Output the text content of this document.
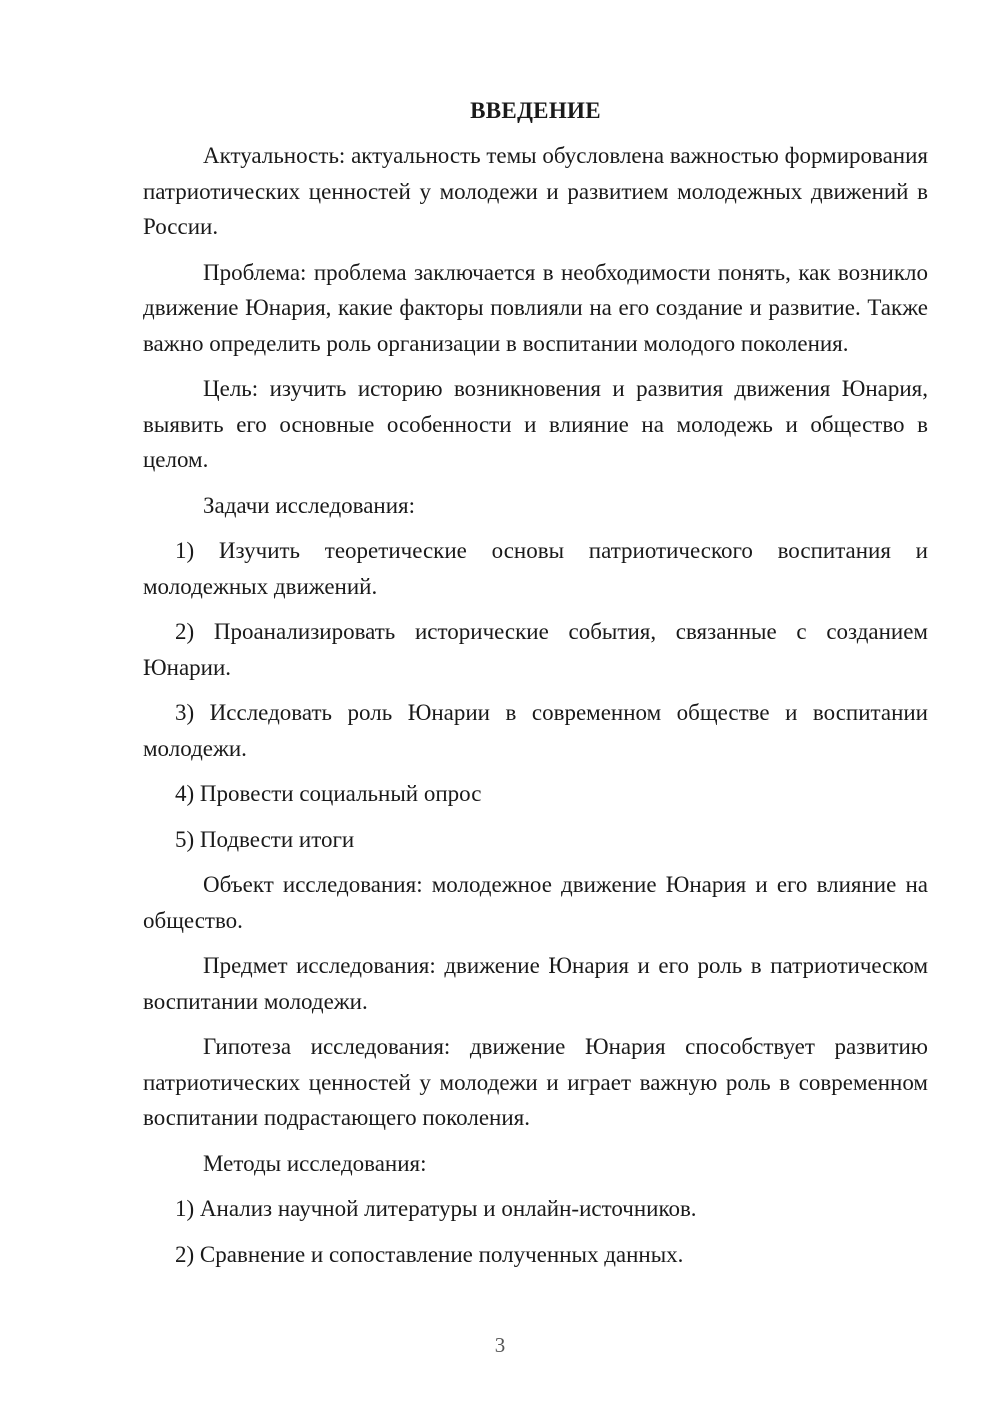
ВВЕДЕНИЕ

Актуальность: актуальность темы обусловлена важностью формирования патриотических ценностей у молодежи и развитием молодежных движений в России.

Проблема: проблема заключается в необходимости понять, как возникло движение Юнария, какие факторы повлияли на его создание и развитие. Также важно определить роль организации в воспитании молодого поколения.

Цель: изучить историю возникновения и развития движения Юнария, выявить его основные особенности и влияние на молодежь и общество в целом.

Задачи исследования:

1) Изучить теоретические основы патриотического воспитания и молодежных движений.

2) Проанализировать исторические события, связанные с созданием Юнарии.

3) Исследовать роль Юнарии в современном обществе и воспитании молодежи.

4) Провести социальный опрос

5) Подвести итоги

Объект исследования: молодежное движение Юнария и его влияние на общество.

Предмет исследования: движение Юнария и его роль в патриотическом воспитании молодежи.

Гипотеза исследования: движение Юнария способствует развитию патриотических ценностей у молодежи и играет важную роль в современном воспитании подрастающего поколения.

Методы исследования:

1) Анализ научной литературы и онлайн-источников.

2) Сравнение и сопоставление полученных данных.

3
